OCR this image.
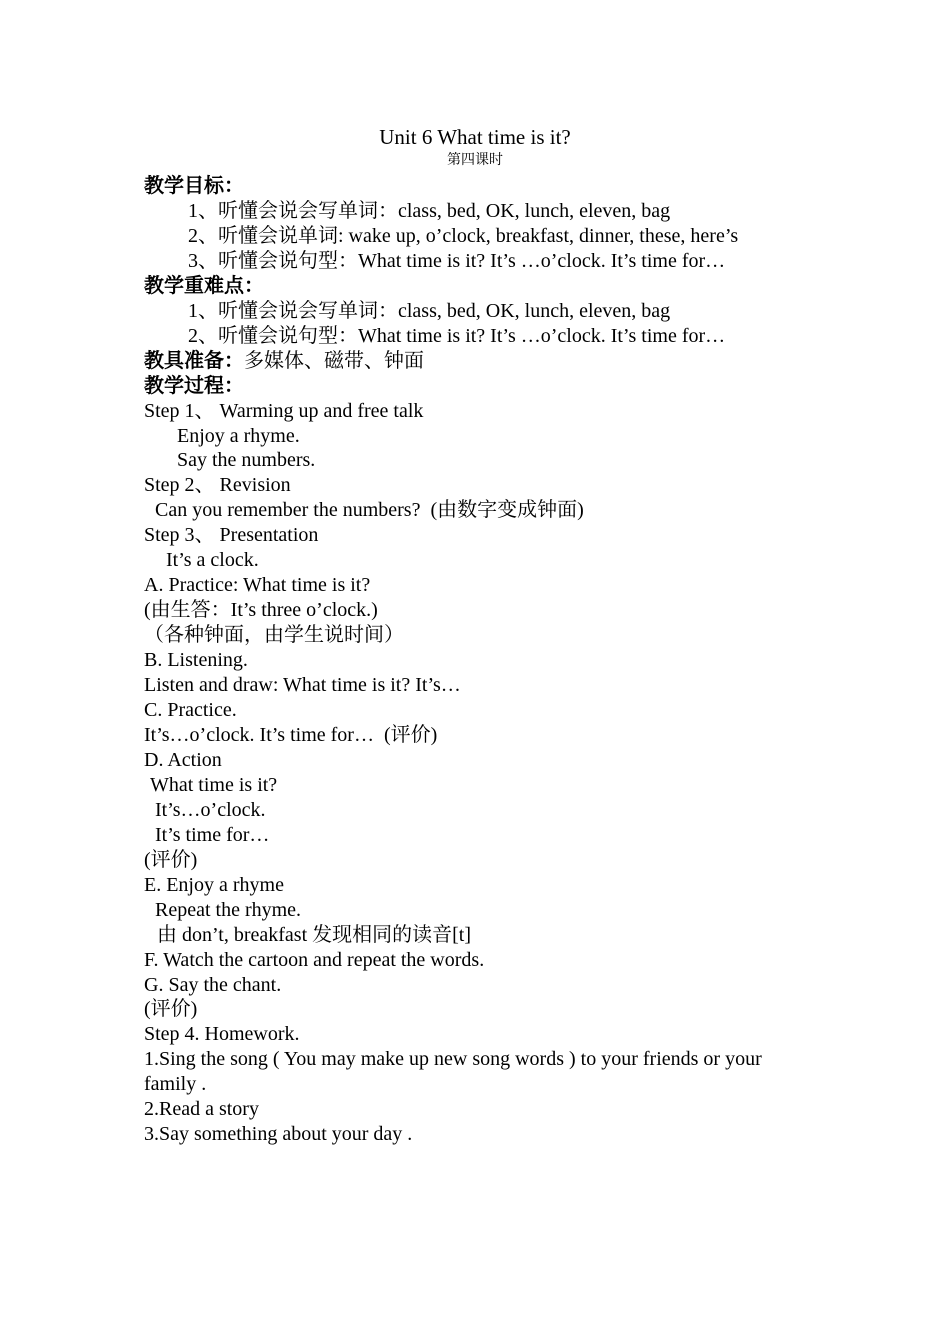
Unit 6 What time is it?
第四课时
教学目标：
1、听懂会说会写单词：class, bed, OK, lunch, eleven, bag
2、听懂会说单词: wake up, o’clock, breakfast, dinner, these, here’s
3、听懂会说句型：What time is it? It’s …o’clock. It’s time for…
教学重难点：
1、听懂会说会写单词：class, bed, OK, lunch, eleven, bag
2、听懂会说句型：What time is it? It’s …o’clock. It’s time for…
教具准备：多媒体、磁带、钟面
教学过程：
Step 1、 Warming up and free talk
Enjoy a rhyme.
Say the numbers.
Step 2、 Revision
Can you remember the numbers?  (由数字变成钟面)
Step 3、 Presentation
It’s a clock.
A. Practice: What time is it?
(由生答：It’s three o’clock.)
（各种钟面，由学生说时间）
B. Listening.
Listen and draw: What time is it? It’s…
C. Practice.
It’s…o’clock. It’s time for…  (评价)
D. Action
What time is it?
It’s…o’clock.
It’s time for…
(评价)
E. Enjoy a rhyme
Repeat the rhyme.
由 don’t, breakfast 发现相同的读音[t]
F. Watch the cartoon and repeat the words.
G. Say the chant.
(评价)
Step 4. Homework.
1.Sing the song ( You may make up new song words ) to your friends or your family .
2.Read a story
3.Say something about your day .
